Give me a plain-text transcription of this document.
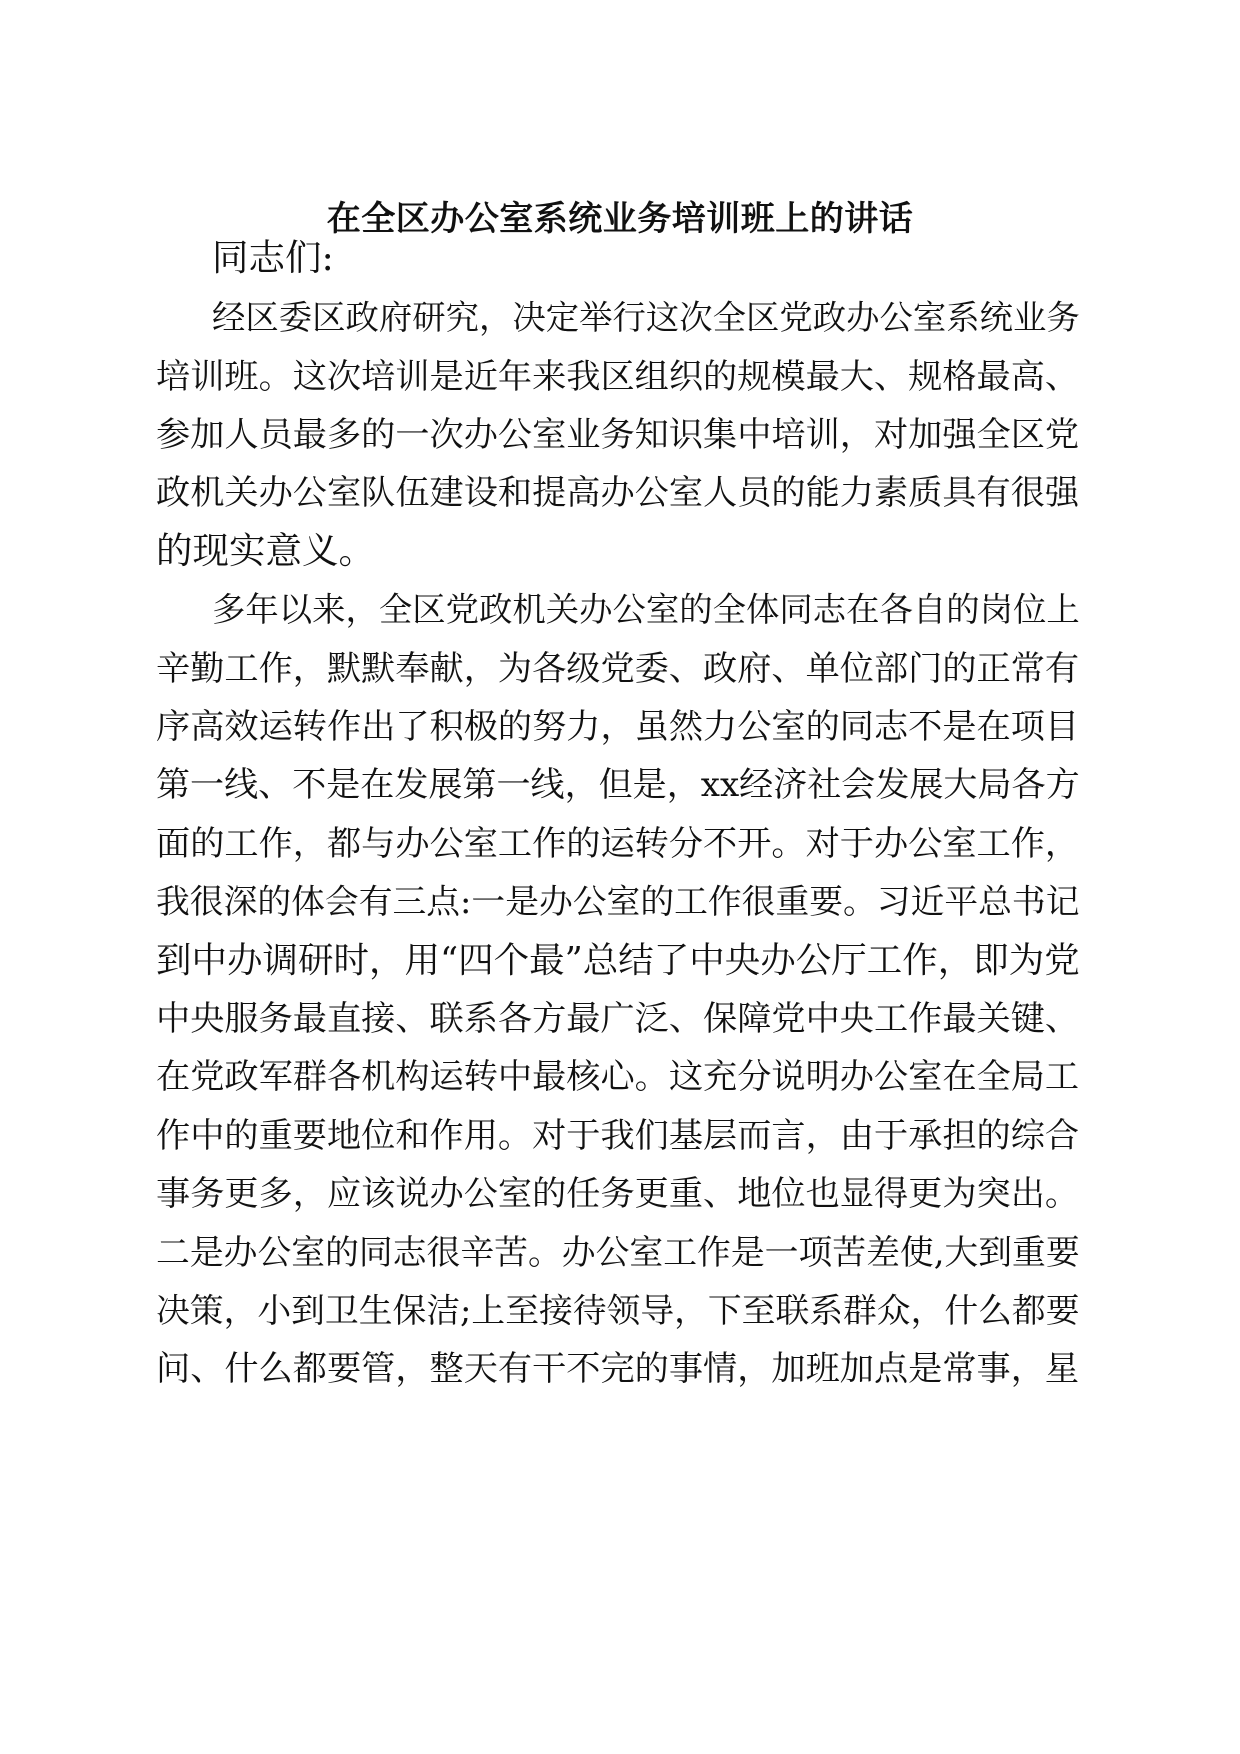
在全区办公室系统业务培训班上的讲话

同志们:

经区委区政府研究，决定举行这次全区党政办公室系统业务

培训班。这次培训是近年来我区组织的规模最大、规格最高、

参加人员最多的一次办公室业务知识集中培训，对加强全区党

政机关办公室队伍建设和提高办公室人员的能力素质具有很强

的现实意义。

多年以来，全区党政机关办公室的全体同志在各自的岗位上

辛勤工作，默默奉献，为各级党委、政府、单位部门的正常有

序高效运转作出了积极的努力，虽然力公室的同志不是在项目

第一线、不是在发展第一线，但是，xx经济社会发展大局各方

面的工作，都与办公室工作的运转分不开。对于办公室工作，

我很深的体会有三点:一是办公室的工作很重要。习近平总书记

到中办调研时，用“四个最”总结了中央办公厅工作，即为党

中央服务最直接、联系各方最广泛、保障党中央工作最关键、

在党政军群各机构运转中最核心。这充分说明办公室在全局工

作中的重要地位和作用。对于我们基层而言，由于承担的综合

事务更多，应该说办公室的任务更重、地位也显得更为突出。

二是办公室的同志很辛苦。办公室工作是一项苦差使,大到重要

决策，小到卫生保洁;上至接待领导，下至联系群众，什么都要

问、什么都要管，整天有干不完的事情，加班加点是常事，星
